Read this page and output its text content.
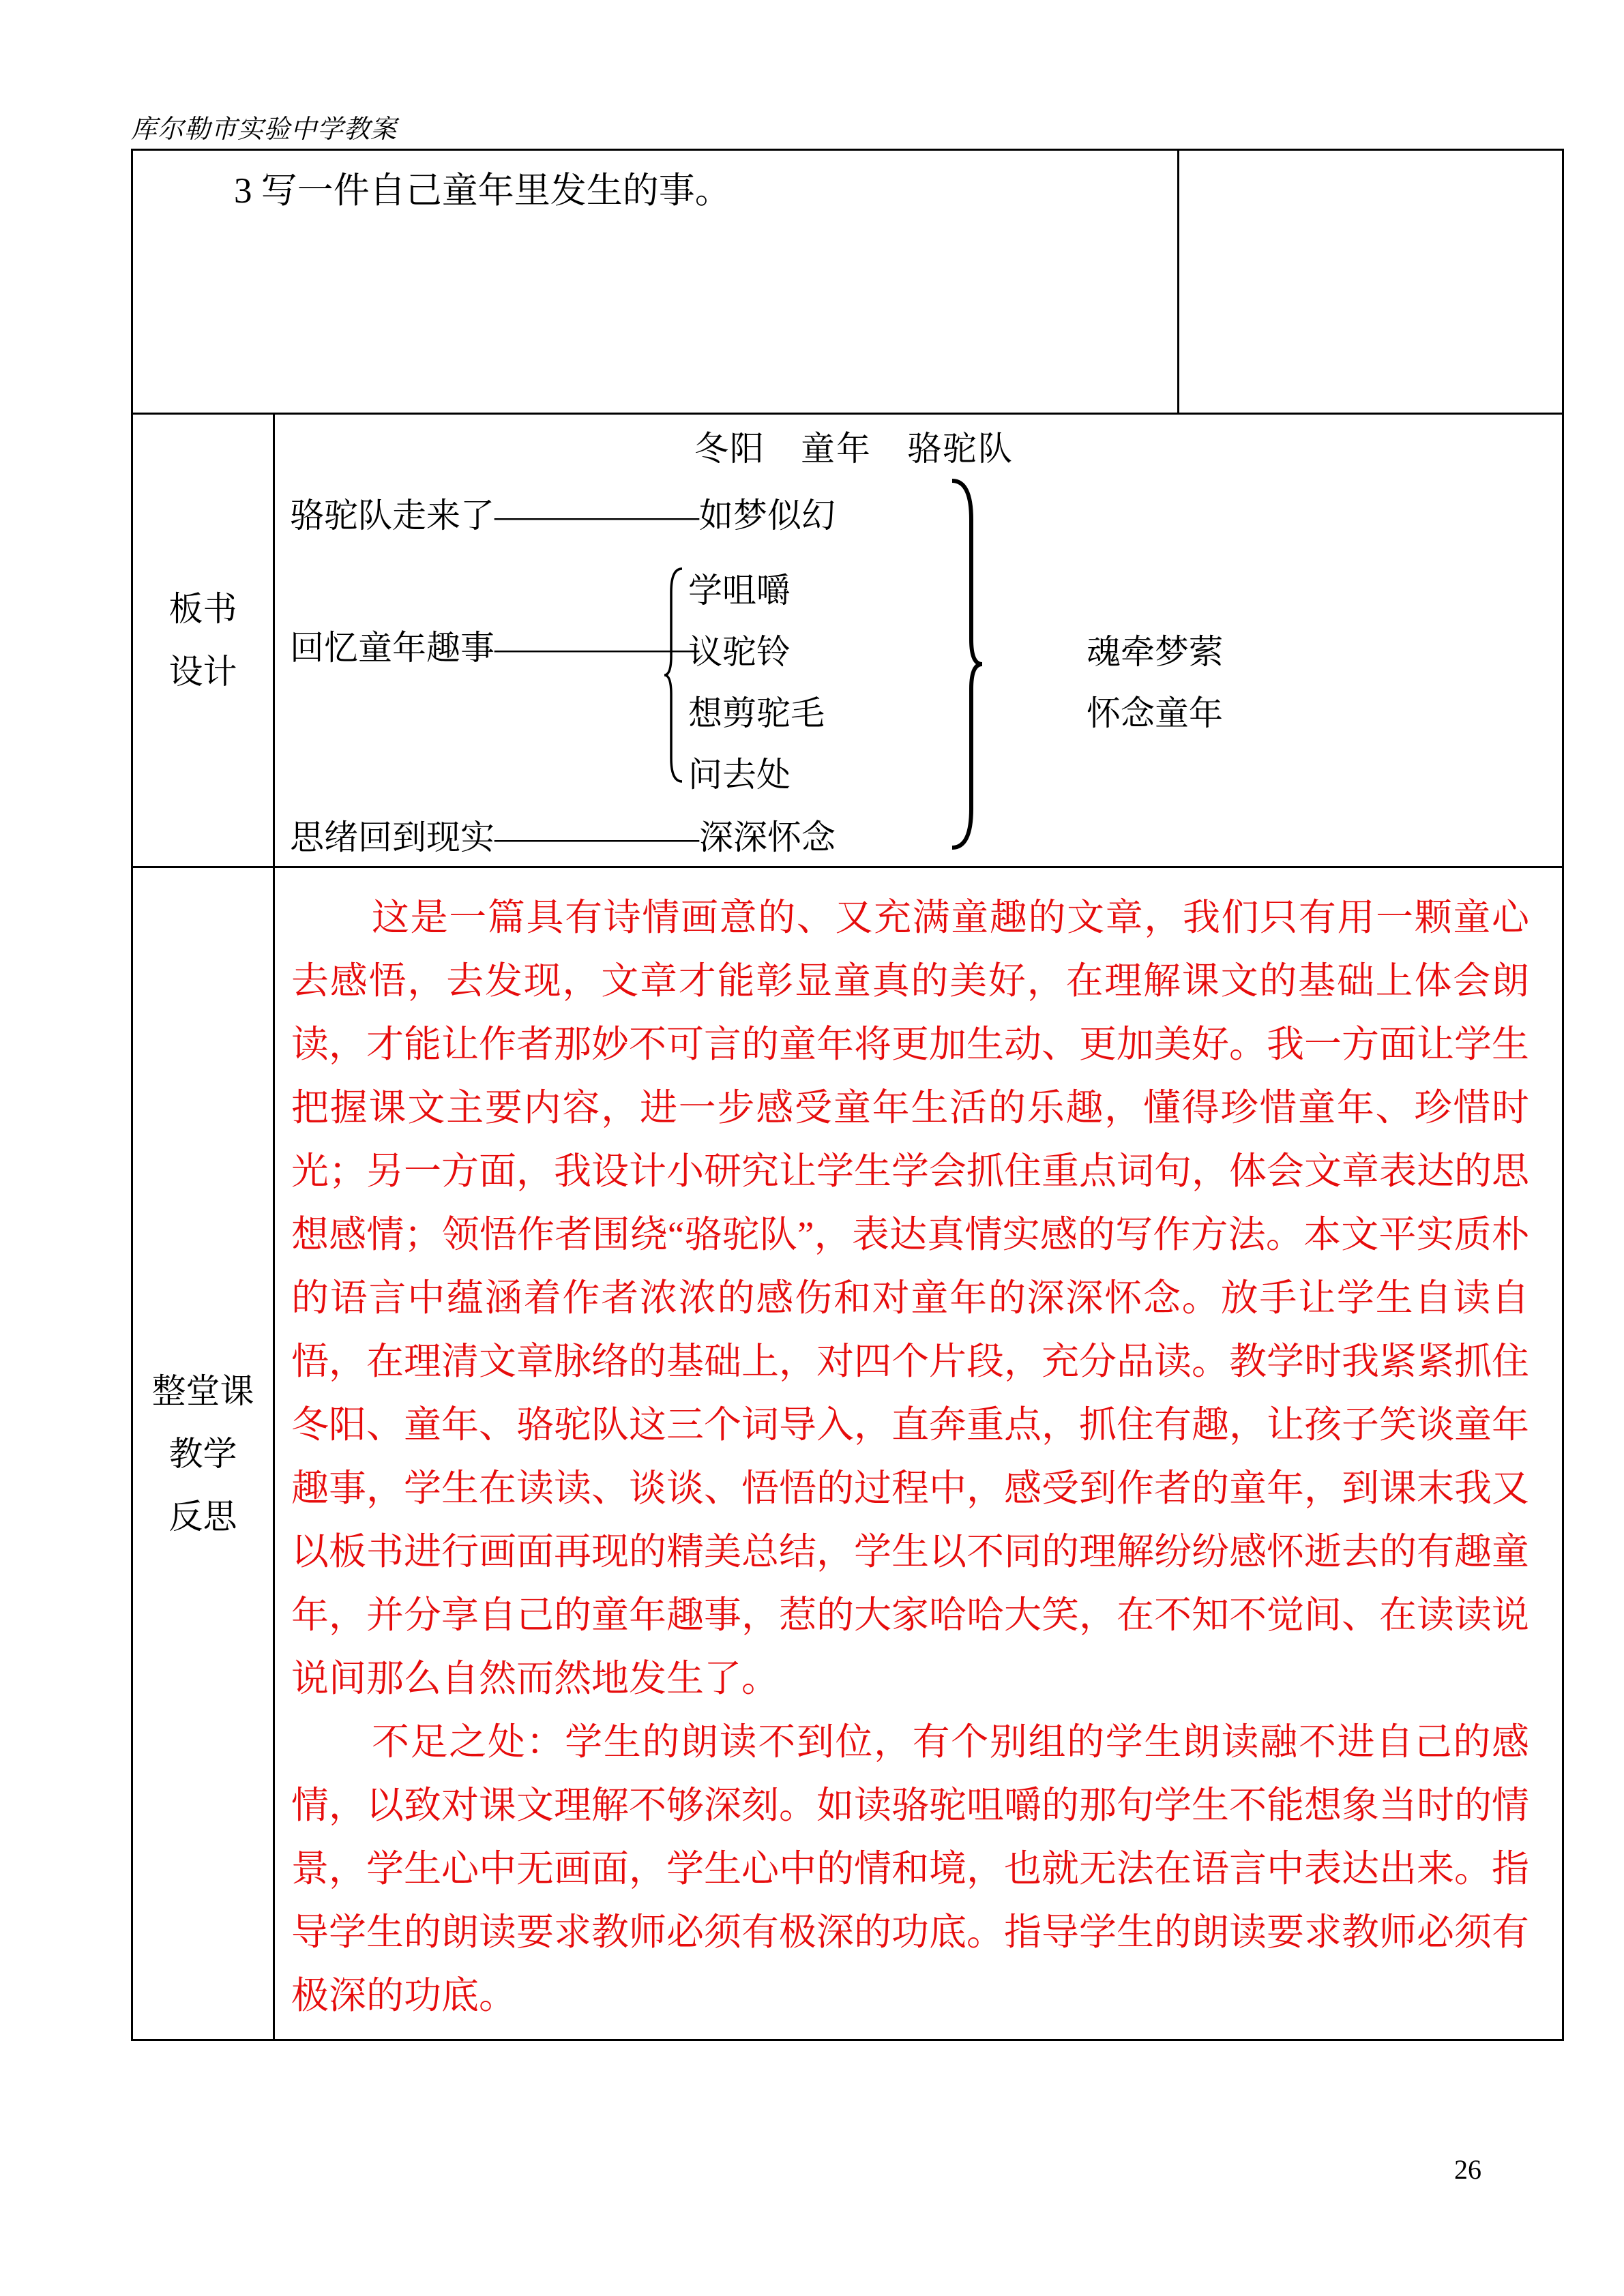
库尔勒市实验中学教案
3 写一件自己童年里发生的事。		

板书
设计

冬阳　童年　骆驼队
骆驼队走来了——————如梦似幻
回忆童年趣事——————
学咀嚼
议驼铃
想剪驼毛
问去处
思绪回到现实——————深深怀念
魂牵梦萦
怀念童年

整堂课
教学
反思

这是一篇具有诗情画意的、又充满童趣的文章，我们只有用一颗童心去感悟，去发现，文章才能彰显童真的美好，在理解课文的基础上体会朗读，才能让作者那妙不可言的童年将更加生动、更加美好。我一方面让学生把握课文主要内容，进一步感受童年生活的乐趣，懂得珍惜童年、珍惜时光；另一方面，我设计小研究让学生学会抓住重点词句，体会文章表达的思想感情；领悟作者围绕“骆驼队”，表达真情实感的写作方法。本文平实质朴的语言中蕴涵着作者浓浓的感伤和对童年的深深怀念。放手让学生自读自悟，在理清文章脉络的基础上，对四个片段，充分品读。教学时我紧紧抓住冬阳、童年、骆驼队这三个词导入，直奔重点，抓住有趣，让孩子笑谈童年趣事，学生在读读、谈谈、悟悟的过程中，感受到作者的童年，到课末我又以板书进行画面再现的精美总结，学生以不同的理解纷纷感怀逝去的有趣童年，并分享自己的童年趣事，惹的大家哈哈大笑，在不知不觉间、在读读说说间那么自然而然地发生了。

不足之处：学生的朗读不到位，有个别组的学生朗读融不进自己的感情，以致对课文理解不够深刻。如读骆驼咀嚼的那句学生不能想象当时的情景，学生心中无画面，学生心中的情和境，也就无法在语言中表达出来。指导学生的朗读要求教师必须有极深的功底。指导学生的朗读要求教师必须有极深的功底。

26
